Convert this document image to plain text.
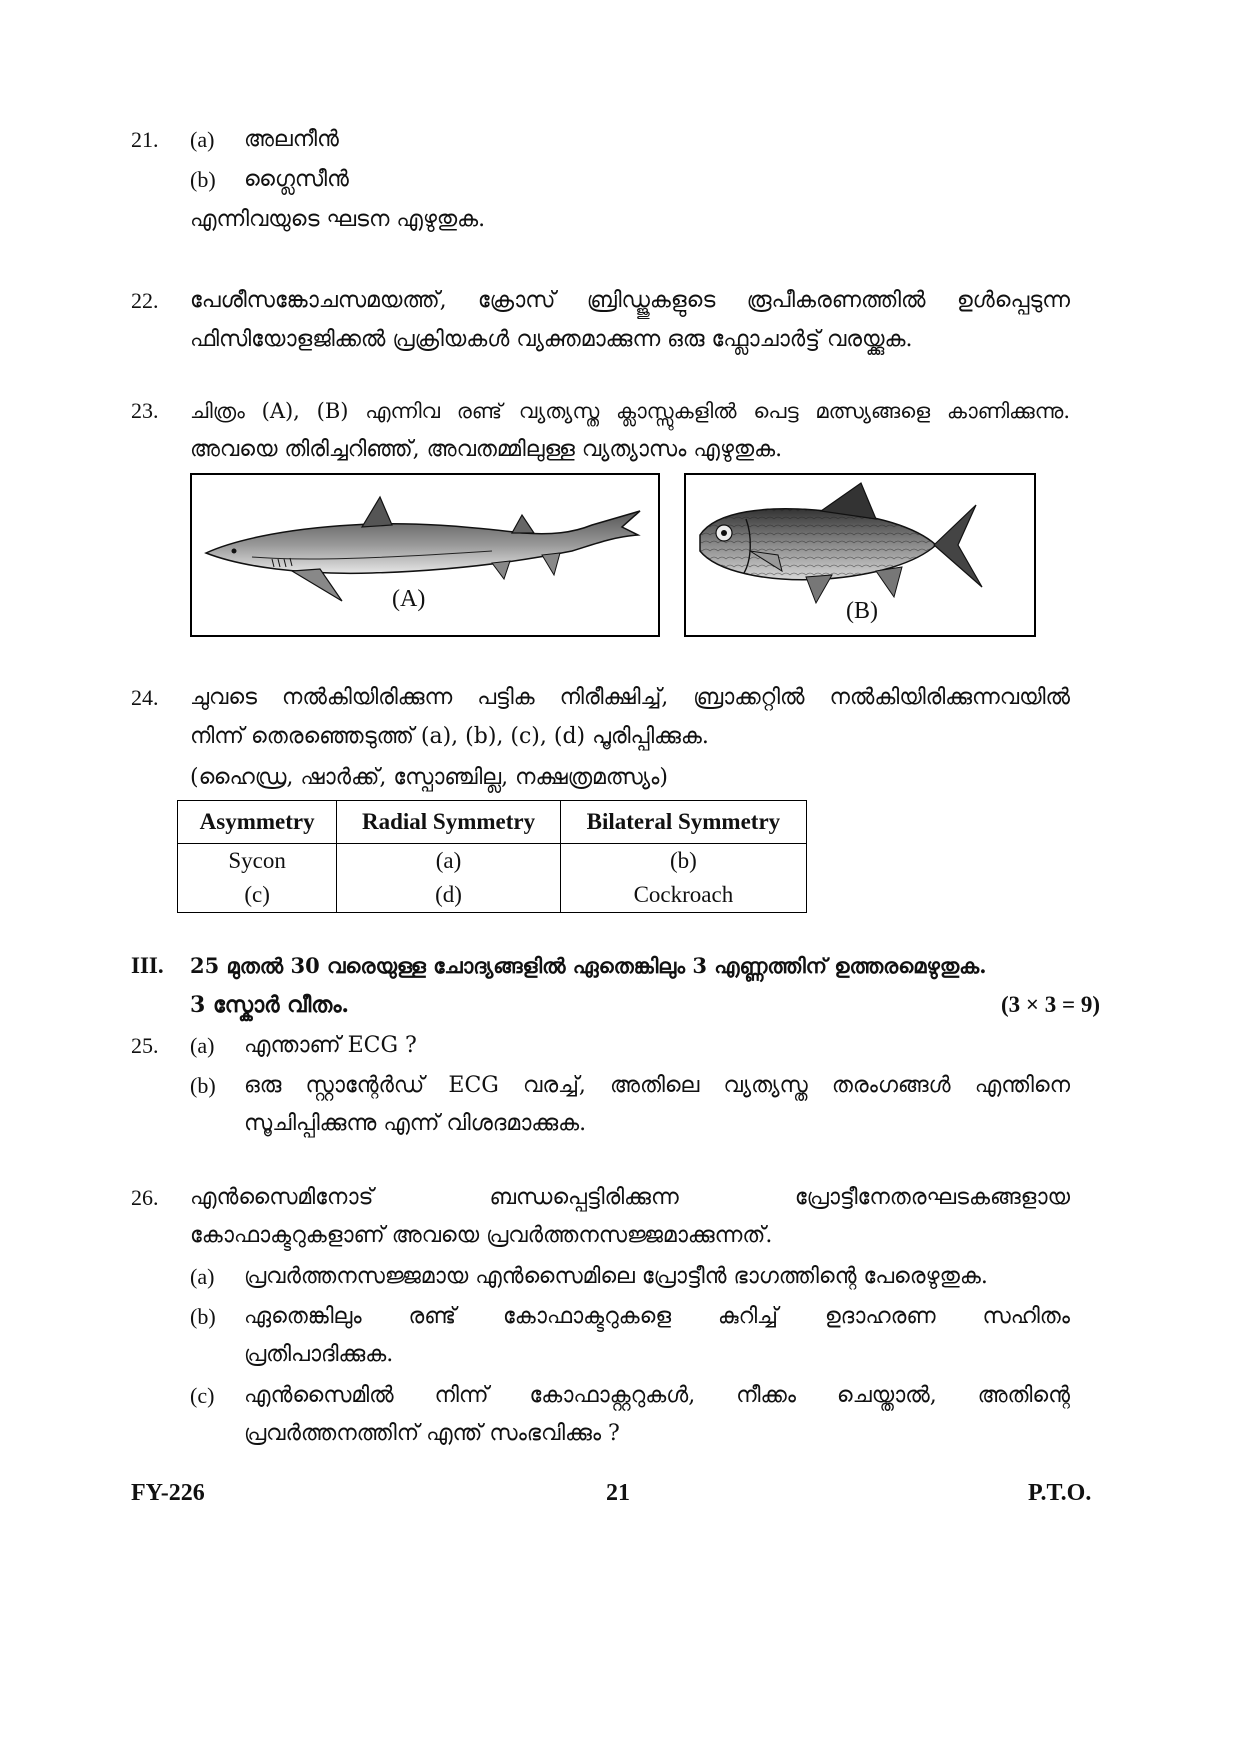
21. (a) അലനീൻ
(b) ഗ്ലൈസീൻ
എന്നിവയുടെ ഘടന എഴുതുക.
22. പേശീസങ്കോചസമയത്ത്, ക്രോസ് ബ്രിഡ്ജുകളുടെ രൂപീകരണത്തിൽ ഉൾപ്പെടുന്ന
ഫിസിയോളജിക്കൽ പ്രക്രിയകൾ വ്യക്തമാക്കുന്ന ഒരു ഫ്ലോചാർട്ട് വരയ്ക്കുക.
23. ചിത്രം (A), (B) എന്നിവ രണ്ട് വ്യത്യസ്ത ക്ലാസ്സുകളിൽ പെട്ട മത്സ്യങ്ങളെ കാണിക്കുന്നു.
അവയെ തിരിച്ചറിഞ്ഞ്, അവതമ്മിലുള്ള വ്യത്യാസം എഴുതുക.
(A)	(B)
24. ചുവടെ നൽകിയിരിക്കുന്ന പട്ടിക നിരീക്ഷിച്ച്, ബ്രാക്കറ്റിൽ നൽകിയിരിക്കുന്നവയിൽ
നിന്ന് തെരഞ്ഞെടുത്ത് (a), (b), (c), (d) പൂരിപ്പിക്കുക.
(ഹൈഡ്ര, ഷാർക്ക്, സ്പോഞ്ചില്ല, നക്ഷത്രമത്സ്യം)
Asymmetry	Radial Symmetry	Bilateral Symmetry
Sycon	(a)	(b)
(c)	(d)	Cockroach
III. 25 മുതൽ 30 വരെയുള്ള ചോദ്യങ്ങളിൽ ഏതെങ്കിലും 3 എണ്ണത്തിന് ഉത്തരമെഴുതുക.
3 സ്കോർ വീതം.	(3 × 3 = 9)
25. (a) എന്താണ് ECG ?
(b) ഒരു സ്റ്റാന്റേർഡ് ECG വരച്ച്, അതിലെ വ്യത്യസ്ത തരംഗങ്ങൾ എന്തിനെ
സൂചിപ്പിക്കുന്നു എന്ന് വിശദമാക്കുക.
26. എൻസൈമിനോട് ബന്ധപ്പെട്ടിരിക്കുന്ന പ്രോട്ടീനേതരഘടകങ്ങളായ
കോഫാക്ടറുകളാണ് അവയെ പ്രവർത്തനസജ്ജമാക്കുന്നത്.
(a) പ്രവർത്തനസജ്ജമായ എൻസൈമിലെ പ്രോട്ടീൻ ഭാഗത്തിന്റെ പേരെഴുതുക.
(b) ഏതെങ്കിലും രണ്ട് കോഫാക്ടറുകളെ കുറിച്ച് ഉദാഹരണ സഹിതം
പ്രതിപാദിക്കുക.
(c) എൻസൈമിൽ നിന്ന് കോഫാക്റ്ററുകൾ, നീക്കം ചെയ്താൽ, അതിന്റെ
പ്രവർത്തനത്തിന് എന്ത് സംഭവിക്കും ?
FY-226	21	P.T.O.
